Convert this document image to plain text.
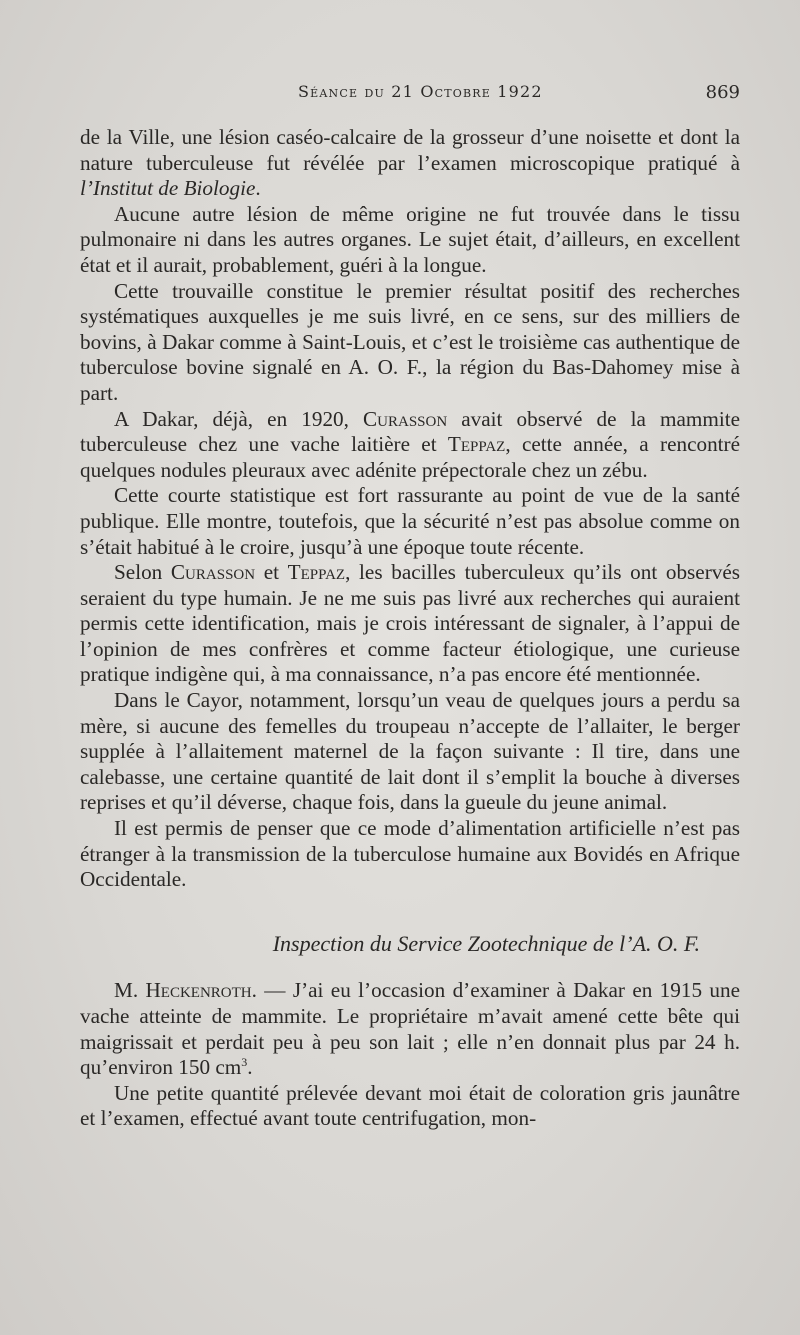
Séance du 21 Octobre 1922	869

de la Ville, une lésion caséo-calcaire de la grosseur d’une noisette et dont la nature tuberculeuse fut révélée par l’examen microscopique pratiqué à l’Institut de Biologie.

Aucune autre lésion de même origine ne fut trouvée dans le tissu pulmonaire ni dans les autres organes. Le sujet était, d’ailleurs, en excellent état et il aurait, probablement, guéri à la longue.

Cette trouvaille constitue le premier résultat positif des recherches systématiques auxquelles je me suis livré, en ce sens, sur des milliers de bovins, à Dakar comme à Saint-Louis, et c’est le troisième cas authentique de tuberculose bovine signalé en A. O. F., la région du Bas-Dahomey mise à part.

A Dakar, déjà, en 1920, Curasson avait observé de la mammite tuberculeuse chez une vache laitière et Teppaz, cette année, a rencontré quelques nodules pleuraux avec adénite prépectorale chez un zébu.

Cette courte statistique est fort rassurante au point de vue de la santé publique. Elle montre, toutefois, que la sécurité n’est pas absolue comme on s’était habitué à le croire, jusqu’à une époque toute récente.

Selon Curasson et Teppaz, les bacilles tuberculeux qu’ils ont observés seraient du type humain. Je ne me suis pas livré aux recherches qui auraient permis cette identification, mais je crois intéressant de signaler, à l’appui de l’opinion de mes confrères et comme facteur étiologique, une curieuse pratique indigène qui, à ma connaissance, n’a pas encore été mentionnée.

Dans le Cayor, notamment, lorsqu’un veau de quelques jours a perdu sa mère, si aucune des femelles du troupeau n’accepte de l’allaiter, le berger supplée à l’allaitement maternel de la façon suivante : Il tire, dans une calebasse, une certaine quantité de lait dont il s’emplit la bouche à diverses reprises et qu’il déverse, chaque fois, dans la gueule du jeune animal.

Il est permis de penser que ce mode d’alimentation artificielle n’est pas étranger à la transmission de la tuberculose humaine aux Bovidés en Afrique Occidentale.

Inspection du Service Zootechnique de l’A. O. F.

M. Heckenroth. — J’ai eu l’occasion d’examiner à Dakar en 1915 une vache atteinte de mammite. Le propriétaire m’avait amené cette bête qui maigrissait et perdait peu à peu son lait ; elle n’en donnait plus par 24 h. qu’environ 150 $cm^3$.

Une petite quantité prélevée devant moi était de coloration gris jaunâtre et l’examen, effectué avant toute centrifugation, mon-
